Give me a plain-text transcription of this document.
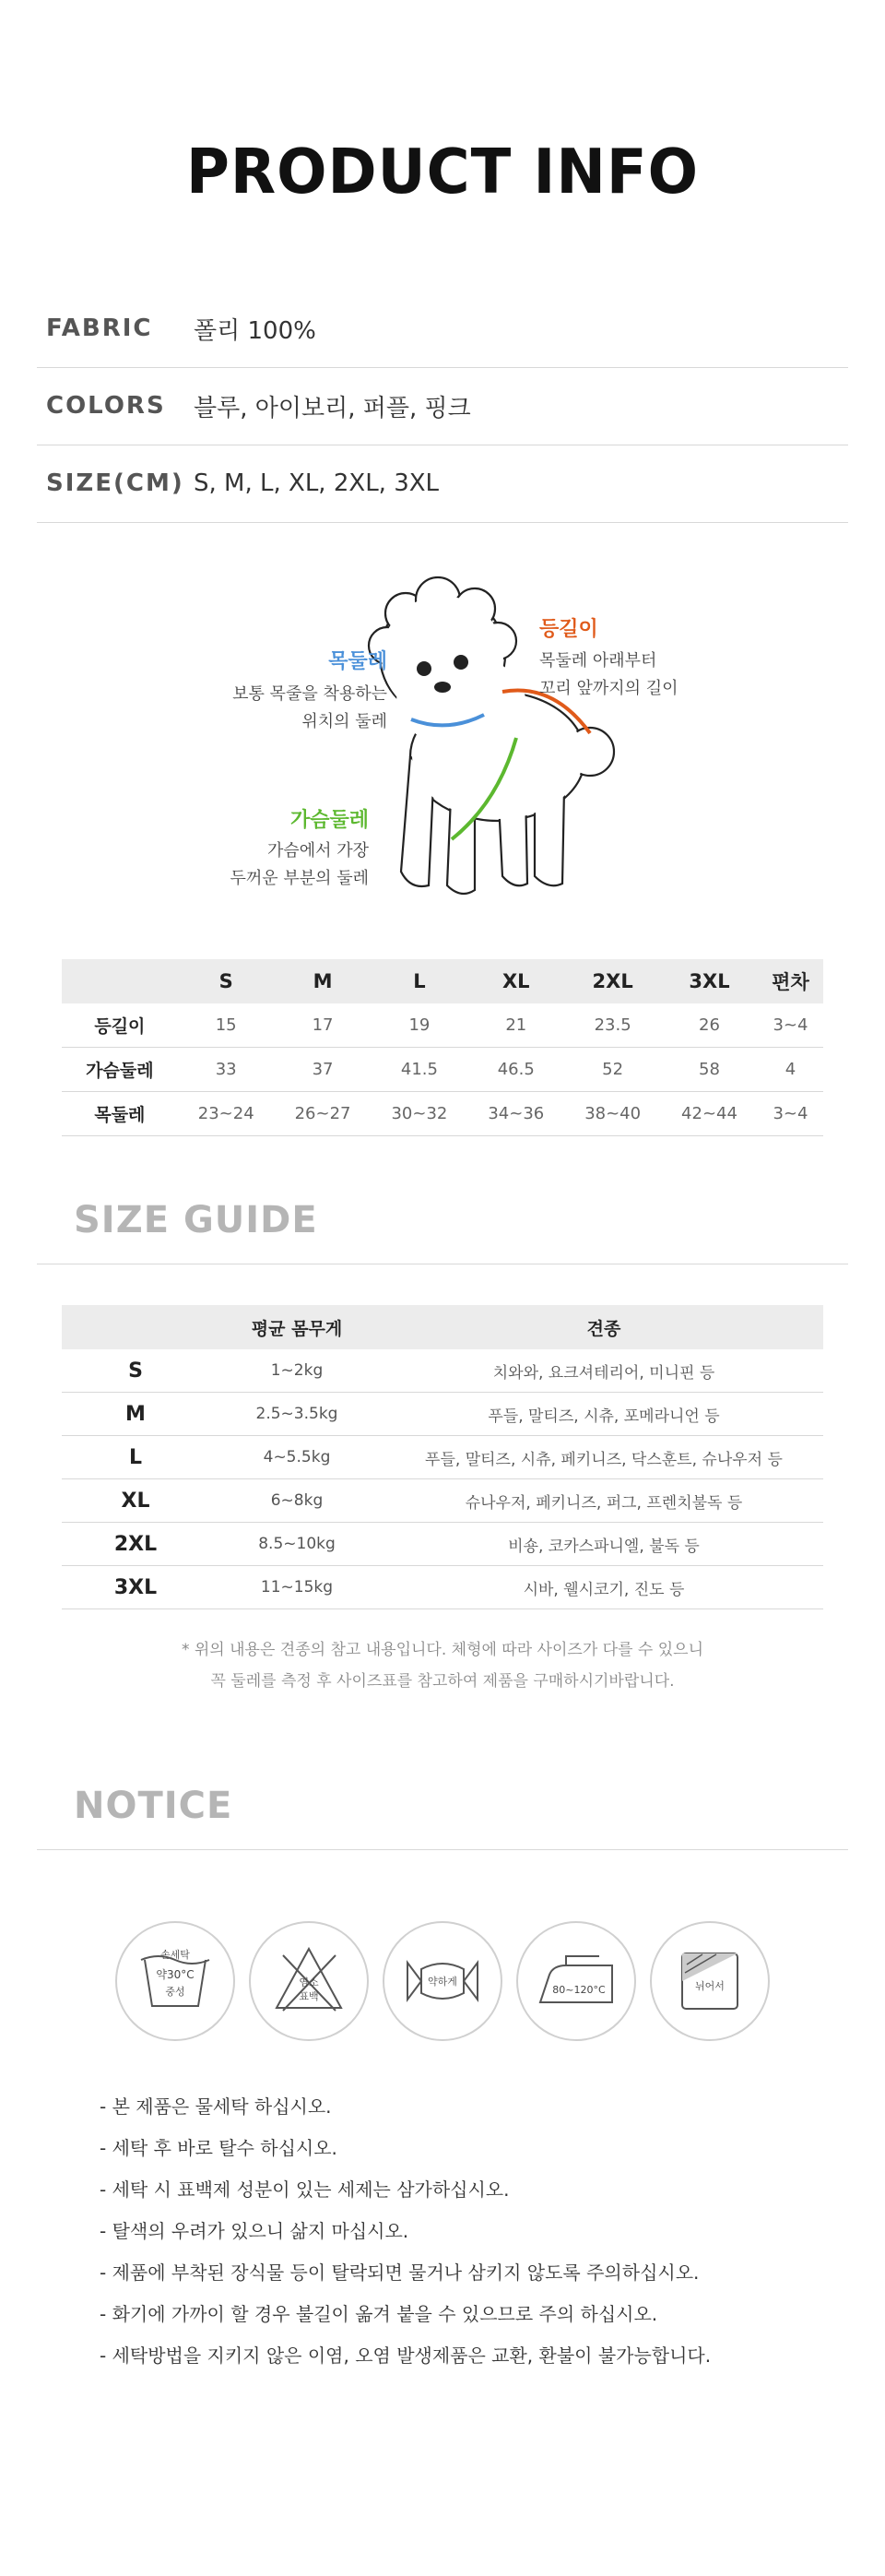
PRODUCT INFO
FABRIC	폴리 100%
COLORS	블루, 아이보리, 퍼플, 핑크
SIZE(CM) S, M, L, XL, 2XL, 3XL
목둘레
보통 목줄을 착용하는
위치의 둘레
등길이
목둘레 아래부터
꼬리 앞까지의 길이
가슴둘레
가슴에서 가장
두꺼운 부분의 둘레
	S	M	L	XL	2XL	3XL	편차
등길이	15	17	19	21	23.5	26	3~4
가슴둘레	33	37	41.5	46.5	52	58	4
목둘레	23~24	26~27	30~32	34~36	38~40	42~44	3~4
SIZE GUIDE
	평균 몸무게	견종
S	1~2kg	치와와, 요크셔테리어, 미니핀 등
M	2.5~3.5kg	푸들, 말티즈, 시츄, 포메라니언 등
L	4~5.5kg	푸들, 말티즈, 시츄, 페키니즈, 닥스훈트, 슈나우저 등
XL	6~8kg	슈나우저, 페키니즈, 퍼그, 프렌치불독 등
2XL	8.5~10kg	비숑, 코카스파니엘, 불독 등
3XL	11~15kg	시바, 웰시코기, 진도 등
* 위의 내용은 견종의 참고 내용입니다. 체형에 따라 사이즈가 다를 수 있으니
꼭 둘레를 측정 후 사이즈표를 참고하여 제품을 구매하시기바랍니다.
NOTICE
손세탁
약30°C
중성
염소
표백
약하게
80~120°C	뉘어서
- 본 제품은 물세탁 하십시오.
- 세탁 후 바로 탈수 하십시오.
- 세탁 시 표백제 성분이 있는 세제는 삼가하십시오.
- 탈색의 우려가 있으니 삶지 마십시오.
- 제품에 부착된 장식물 등이 탈락되면 물거나 삼키지 않도록 주의하십시오.
- 화기에 가까이 할 경우 불길이 옮겨 붙을 수 있으므로 주의 하십시오.
- 세탁방법을 지키지 않은 이염, 오염 발생제품은 교환, 환불이 불가능합니다.
